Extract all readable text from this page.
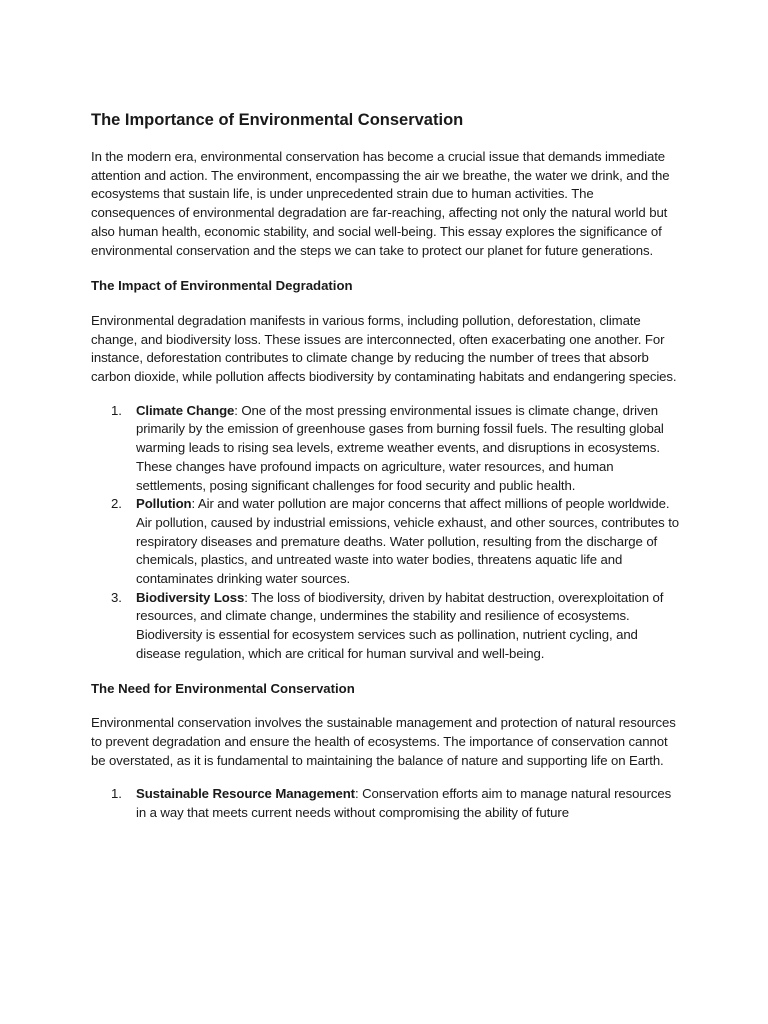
The Importance of Environmental Conservation

In the modern era, environmental conservation has become a crucial issue that demands immediate attention and action. The environment, encompassing the air we breathe, the water we drink, and the ecosystems that sustain life, is under unprecedented strain due to human activities. The consequences of environmental degradation are far-reaching, affecting not only the natural world but also human health, economic stability, and social well-being. This essay explores the significance of environmental conservation and the steps we can take to protect our planet for future generations.

The Impact of Environmental Degradation

Environmental degradation manifests in various forms, including pollution, deforestation, climate change, and biodiversity loss. These issues are interconnected, often exacerbating one another. For instance, deforestation contributes to climate change by reducing the number of trees that absorb carbon dioxide, while pollution affects biodiversity by contaminating habitats and endangering species.

1. Climate Change: One of the most pressing environmental issues is climate change, driven primarily by the emission of greenhouse gases from burning fossil fuels. The resulting global warming leads to rising sea levels, extreme weather events, and disruptions in ecosystems. These changes have profound impacts on agriculture, water resources, and human settlements, posing significant challenges for food security and public health.
2. Pollution: Air and water pollution are major concerns that affect millions of people worldwide. Air pollution, caused by industrial emissions, vehicle exhaust, and other sources, contributes to respiratory diseases and premature deaths. Water pollution, resulting from the discharge of chemicals, plastics, and untreated waste into water bodies, threatens aquatic life and contaminates drinking water sources.
3. Biodiversity Loss: The loss of biodiversity, driven by habitat destruction, overexploitation of resources, and climate change, undermines the stability and resilience of ecosystems. Biodiversity is essential for ecosystem services such as pollination, nutrient cycling, and disease regulation, which are critical for human survival and well-being.
The Need for Environmental Conservation

Environmental conservation involves the sustainable management and protection of natural resources to prevent degradation and ensure the health of ecosystems. The importance of conservation cannot be overstated, as it is fundamental to maintaining the balance of nature and supporting life on Earth.

1. Sustainable Resource Management: Conservation efforts aim to manage natural resources in a way that meets current needs without compromising the ability of future
